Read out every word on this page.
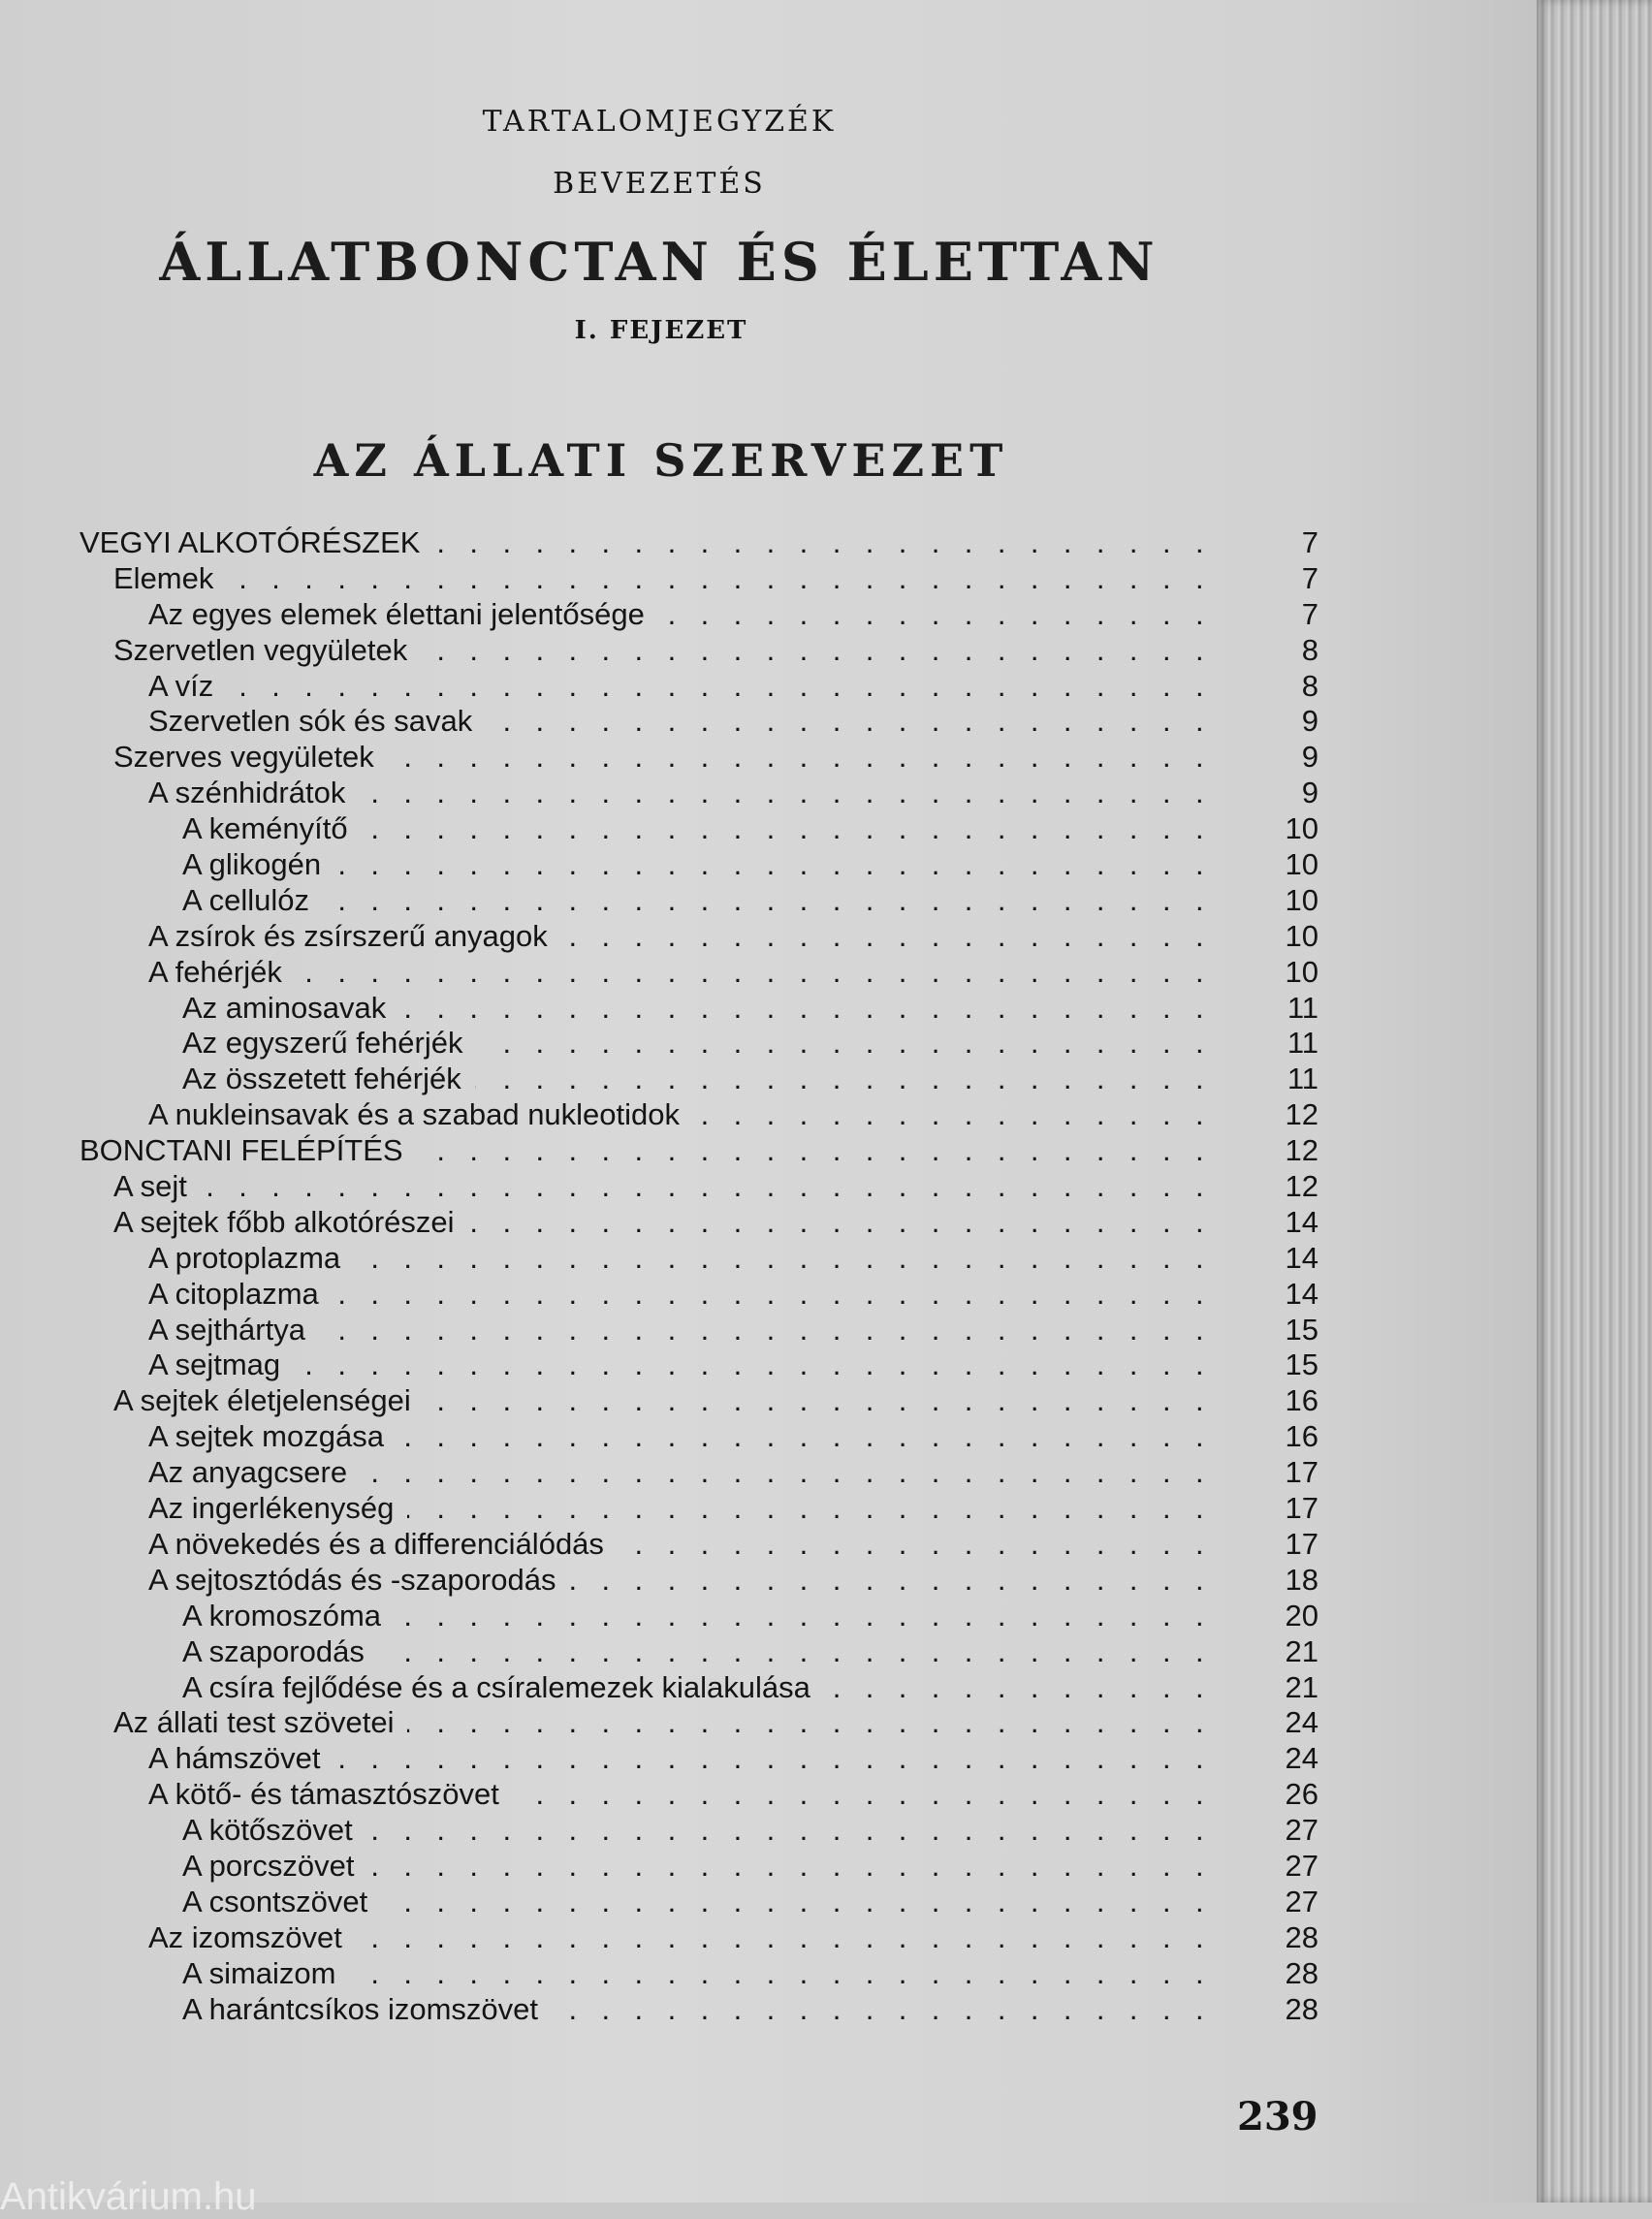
TARTALOMJEGYZÉK
BEVEZETÉS
ÁLLATBONCTAN ÉS ÉLETTAN
I. FEJEZET
AZ ÁLLATI SZERVEZET
. . .
VEGYI ALKOTÓRÉSZEK	7
. . .
Elemek	7
. . .
Az egyes elemek élettani jelentősége	7
. . .
Szervetlen vegyületek	8
. . .
A víz	8
. . .
Szervetlen sók és savak	9
. . .
Szerves vegyületek	9
. . .
A szénhidrátok	9
. . .
A keményítő	10
. . .
A glikogén	10
. . .
A cellulóz	10
. . .
A zsírok és zsírszerű anyagok	10
. . .
A fehérjék	10
. . .
Az aminosavak	11
. . .
Az egyszerű fehérjék	11
. . .
Az összetett fehérjék	11
. . .
A nukleinsavak és a szabad nukleotidok	12
. . .
BONCTANI FELÉPÍTÉS	12
. . .
A sejt	12
. . .
A sejtek főbb alkotórészei	14
. . .
A protoplazma	14
. . .
A citoplazma	14
. . .
A sejthártya	15
. . .
A sejtmag	15
. . .
A sejtek életjelenségei	16
. . .
A sejtek mozgása	16
. . .
Az anyagcsere	17
. . .
Az ingerlékenység	17
. . .
A növekedés és a differenciálódás	17
. . .
A sejtosztódás és -szaporodás	18
. . .
A kromoszóma	20
. . .
A szaporodás	21
. . .
A csíra fejlődése és a csíralemezek kialakulása	21
. . .
Az állati test szövetei	24
. . .
A hámszövet	24
. . .
A kötő- és támasztószövet	26
. . .
A kötőszövet	27
. . .
A porcszövet	27
. . .
A csontszövet	27
. . .
Az izomszövet	28
. . .
A simaizom	28
. . .
A harántcsíkos izomszövet	28
239
Antikvárium.hu
